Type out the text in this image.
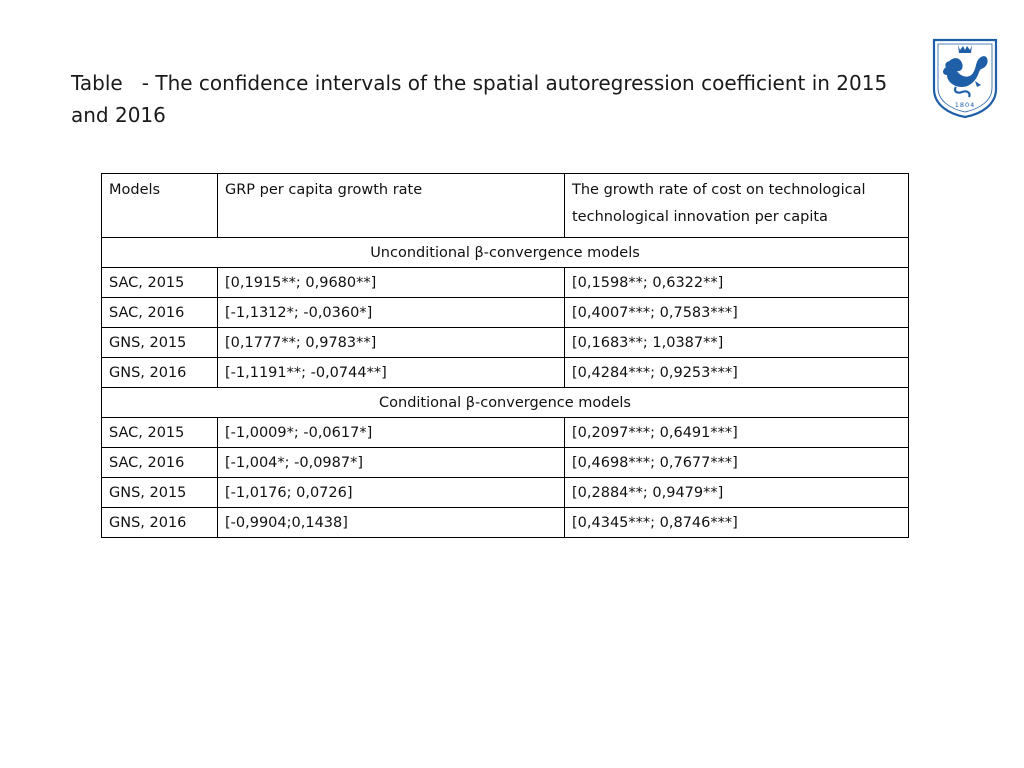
Table - The confidence intervals of the spatial autoregression coefficient in 2015 and 2016	1804
Models	GRP per capita growth rate	The growth rate of cost on technological technological innovation per capita
Unconditional β-convergence models		
SAC, 2015	[0,1915**; 0,9680**]	[0,1598**; 0,6322**]
SAC, 2016	[-1,1312*; -0,0360*]	[0,4007***; 0,7583***]
GNS, 2015	[0,1777**; 0,9783**]	[0,1683**; 1,0387**]
GNS, 2016	[-1,1191**; -0,0744**]	[0,4284***; 0,9253***]
Conditional β-convergence models		
SAC, 2015	[-1,0009*; -0,0617*]	[0,2097***; 0,6491***]
SAC, 2016	[-1,004*; -0,0987*]	[0,4698***; 0,7677***]
GNS, 2015	[-1,0176; 0,0726]	[0,2884**; 0,9479**]
GNS, 2016	[-0,9904;0,1438]	[0,4345***; 0,8746***]
